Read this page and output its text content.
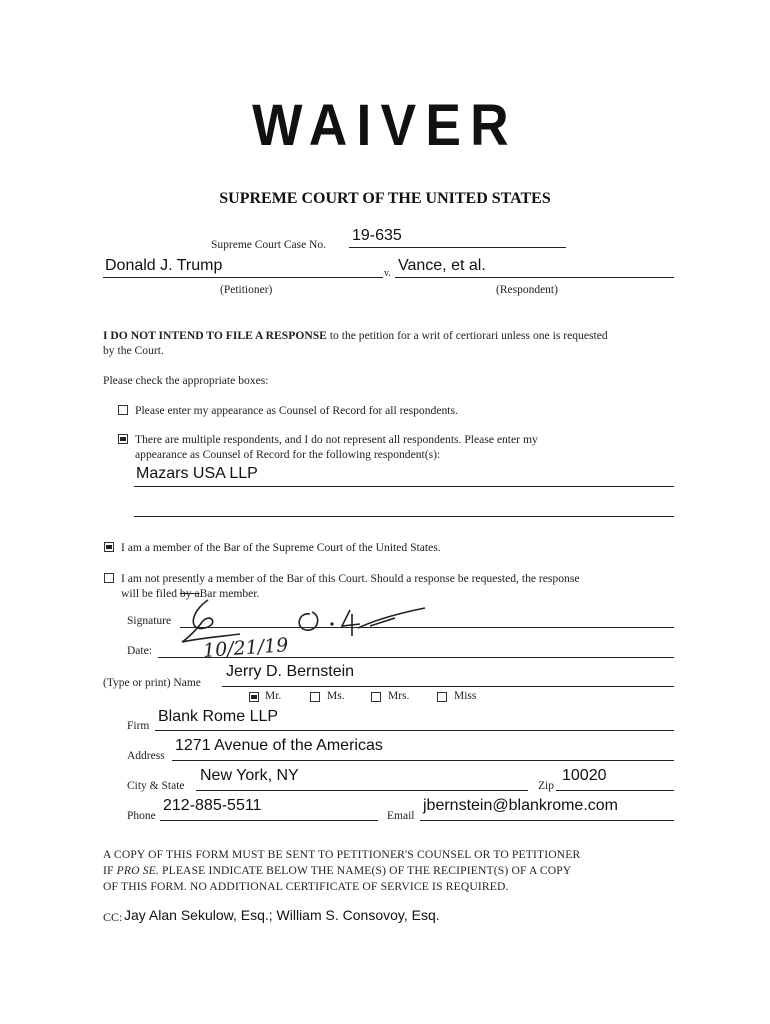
WAIVER
SUPREME COURT OF THE UNITED STATES
Supreme Court Case No.
19-635
Donald J. Trump	v. Vance, et al.
(Petitioner)	(Respondent)
I DO NOT INTEND TO FILE A RESPONSE to the petition for a writ of certiorari unless one is requested
by the Court.
Please check the appropriate boxes:
Please enter my appearance as Counsel of Record for all respondents.
There are multiple respondents, and I do not represent all respondents. Please enter my
appearance as Counsel of Record for the following respondent(s):
Mazars USA LLP
I am a member of the Bar of the Supreme Court of the United States.
I am not presently a member of the Bar of this Court. Should a response be requested, the response
will be filed by aBar member.
Signature
Date:	10/21/19
(Type or print) Name
Jerry D. Bernstein
Mr.	Ms.	Mrs.	Miss
Firm
Blank Rome LLP
Address
1271 Avenue of the Americas
City & State
New York, NY
Zip
10020
Phone
212-885-5511
Email
jbernstein@blankrome.com
A COPY OF THIS FORM MUST BE SENT TO PETITIONER'S COUNSEL OR TO PETITIONER
IF PRO SE. PLEASE INDICATE BELOW THE NAME(S) OF THE RECIPIENT(S) OF A COPY
OF THIS FORM. NO ADDITIONAL CERTIFICATE OF SERVICE IS REQUIRED.
CC: Jay Alan Sekulow, Esq.; William S. Consovoy, Esq.
